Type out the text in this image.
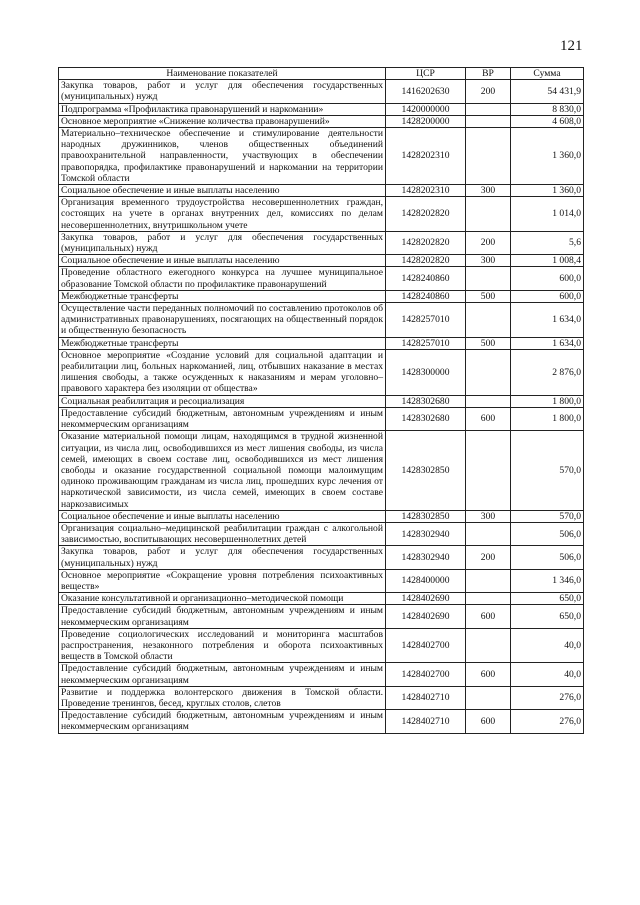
121
Наименование показателей	ЦСР	ВР	Сумма
Закупка товаров, работ и услуг для обеспечения государственных (муниципальных) нужд	1416202630	200	54 431,9
Подпрограмма «Профилактика правонарушений и наркомании»	1420000000		8 830,0
Основное мероприятие «Снижение количества правонарушений»	1428200000		4 608,0
Материально–техническое обеспечение и стимулирование деятельности народных дружинников, членов общественных объединений правоохранительной направленности, участвующих в обеспечении правопорядка, профилактике правонарушений и наркомании на территории Томской области	1428202310		1 360,0
Социальное обеспечение и иные выплаты населению	1428202310	300	1 360,0
Организация временного трудоустройства несовершеннолетних граждан, состоящих на учете в органах внутренних дел, комиссиях по делам несовершеннолетних, внутришкольном учете	1428202820		1 014,0
Закупка товаров, работ и услуг для обеспечения государственных (муниципальных) нужд	1428202820	200	5,6
Социальное обеспечение и иные выплаты населению	1428202820	300	1 008,4
Проведение областного ежегодного конкурса на лучшее муниципальное образование Томской области по профилактике правонарушений	1428240860		600,0
Межбюджетные трансферты	1428240860	500	600,0
Осуществление части переданных полномочий по составлению протоколов об административных правонарушениях, посягающих на общественный порядок и общественную безопасность	1428257010		1 634,0
Межбюджетные трансферты	1428257010	500	1 634,0
Основное мероприятие «Создание условий для социальной адаптации и реабилитации лиц, больных наркоманией, лиц, отбывших наказание в местах лишения свободы, а также осужденных к наказаниям и мерам уголовно–правового характера без изоляции от общества»	1428300000		2 876,0
Социальная реабилитация и ресоциализация	1428302680		1 800,0
Предоставление субсидий бюджетным, автономным учреждениям и иным некоммерческим организациям	1428302680	600	1 800,0
Оказание материальной помощи лицам, находящимся в трудной жизненной ситуации, из числа лиц, освободившихся из мест лишения свободы, из числа семей, имеющих в своем составе лиц, освободившихся из мест лишения свободы и оказание государственной социальной помощи малоимущим одиноко проживающим гражданам из числа лиц, прошедших курс лечения от наркотической зависимости, из числа семей, имеющих в своем составе наркозависимых	1428302850		570,0
Социальное обеспечение и иные выплаты населению	1428302850	300	570,0
Организация социально–медицинской реабилитации граждан с алкогольной зависимостью, воспитывающих несовершеннолетних детей	1428302940		506,0
Закупка товаров, работ и услуг для обеспечения государственных (муниципальных) нужд	1428302940	200	506,0
Основное мероприятие «Сокращение уровня потребления психоактивных веществ»	1428400000		1 346,0
Оказание консультативной и организационно–методической помощи	1428402690		650,0
Предоставление субсидий бюджетным, автономным учреждениям и иным некоммерческим организациям	1428402690	600	650,0
Проведение социологических исследований и мониторинга масштабов распространения, незаконного потребления и оборота психоактивных веществ в Томской области	1428402700		40,0
Предоставление субсидий бюджетным, автономным учреждениям и иным некоммерческим организациям	1428402700	600	40,0
Развитие и поддержка волонтерского движения в Томской области. Проведение тренингов, бесед, круглых столов, слетов	1428402710		276,0
Предоставление субсидий бюджетным, автономным учреждениям и иным некоммерческим организациям	1428402710	600	276,0
